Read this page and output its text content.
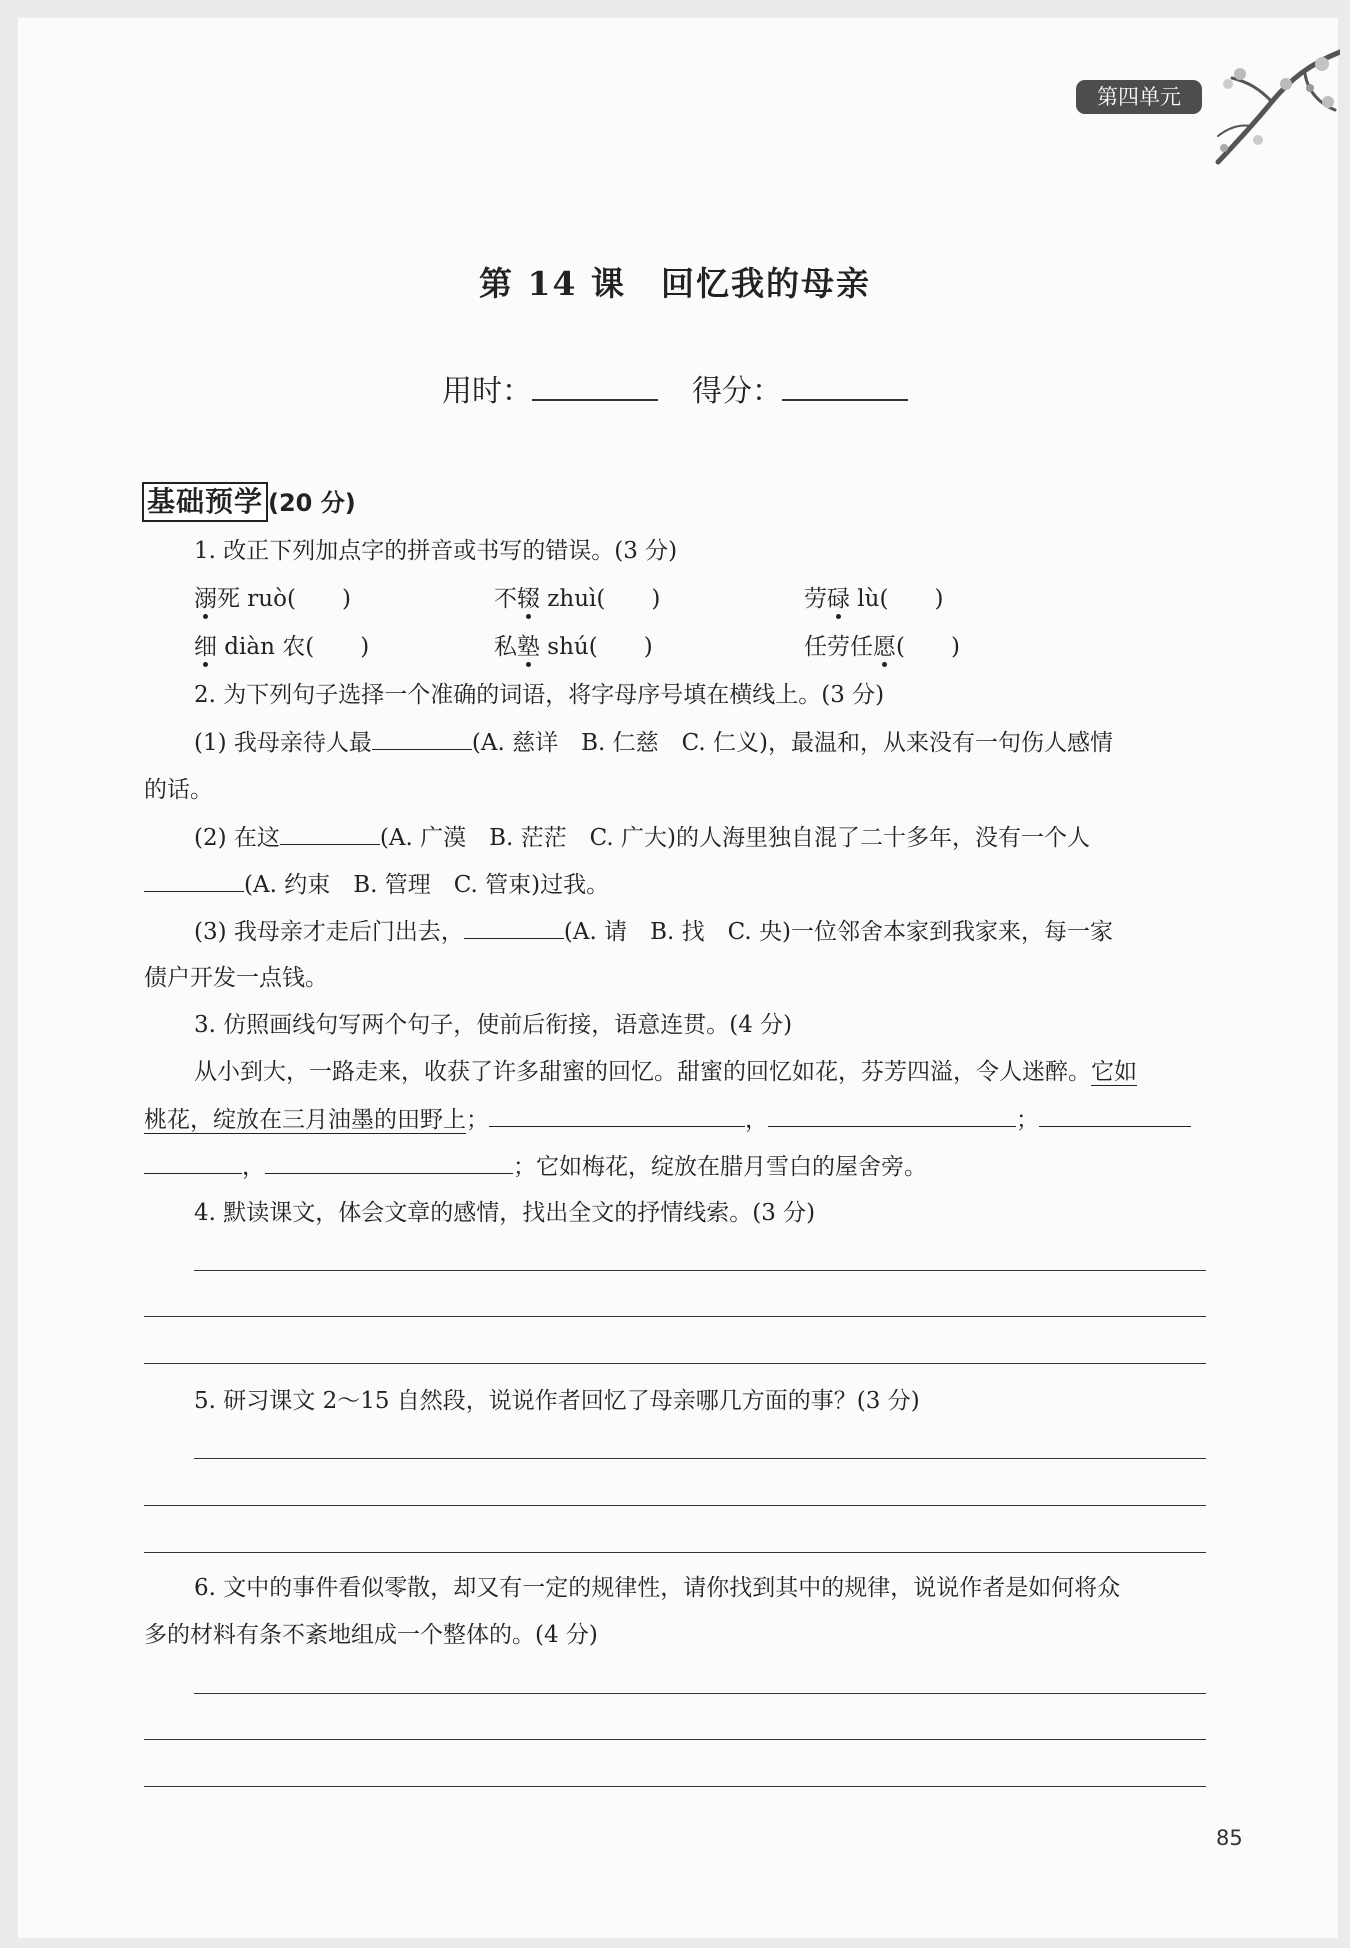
第四单元
第 14 课　回忆我的母亲
用时：	得分：
基础预学 (20 分)
1. 改正下列加点字的拼音或书写的错误。(3 分)
溺死 ruò(　　)	不辍 zhuì(　　)	劳碌 lù(　　)
细 diàn 农(　　)	私塾 shú(　　)	任劳任愿(　　)
2. 为下列句子选择一个准确的词语，将字母序号填在横线上。(3 分)
(1) 我母亲待人最	(A. 慈详　B. 仁慈　C. 仁义)，最温和，从来没有一句伤人感情
的话。
(2) 在这	(A. 广漠　B. 茫茫　C. 广大)的人海里独自混了二十多年，没有一个人
(A. 约束　B. 管理　C. 管束)过我。
(3) 我母亲才走后门出去，	(A. 请　B. 找　C. 央)一位邻舍本家到我家来，每一家
债户开发一点钱。
3. 仿照画线句写两个句子，使前后衔接，语意连贯。(4 分)
从小到大，一路走来，收获了许多甜蜜的回忆。甜蜜的回忆如花，芬芳四溢，令人迷醉。它如
桃花，绽放在三月油墨的田野上；	，	；
，	；它如梅花，绽放在腊月雪白的屋舍旁。
4. 默读课文，体会文章的感情，找出全文的抒情线索。(3 分)
5. 研习课文 2～15 自然段，说说作者回忆了母亲哪几方面的事？(3 分)
6. 文中的事件看似零散，却又有一定的规律性，请你找到其中的规律，说说作者是如何将众
多的材料有条不紊地组成一个整体的。(4 分)
85
